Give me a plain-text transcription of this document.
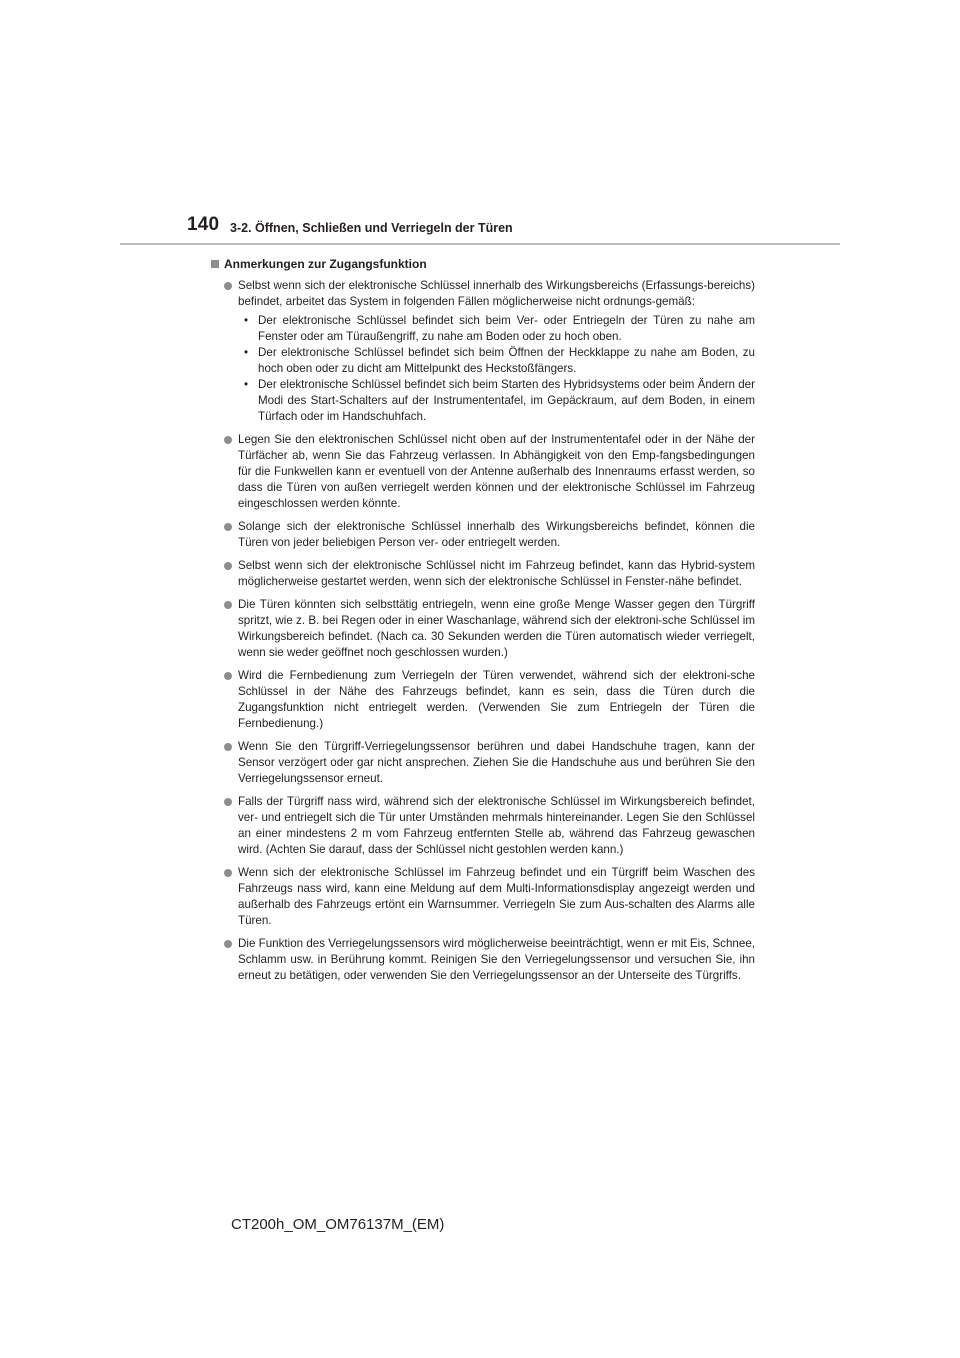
140 3-2. Öffnen, Schließen und Verriegeln der Türen
Anmerkungen zur Zugangsfunktion
Selbst wenn sich der elektronische Schlüssel innerhalb des Wirkungsbereichs (Erfassungs-bereichs) befindet, arbeitet das System in folgenden Fällen möglicherweise nicht ordnungs-gemäß:
• Der elektronische Schlüssel befindet sich beim Ver- oder Entriegeln der Türen zu nahe am Fenster oder am Türaußengriff, zu nahe am Boden oder zu hoch oben.
• Der elektronische Schlüssel befindet sich beim Öffnen der Heckklappe zu nahe am Boden, zu hoch oben oder zu dicht am Mittelpunkt des Heckstoßfängers.
• Der elektronische Schlüssel befindet sich beim Starten des Hybridsystems oder beim Ändern der Modi des Start-Schalters auf der Instrumententafel, im Gepäckraum, auf dem Boden, in einem Türfach oder im Handschuhfach.
Legen Sie den elektronischen Schlüssel nicht oben auf der Instrumententafel oder in der Nähe der Türfächer ab, wenn Sie das Fahrzeug verlassen. In Abhängigkeit von den Emp-fangsbedingungen für die Funkwellen kann er eventuell von der Antenne außerhalb des Innenraums erfasst werden, so dass die Türen von außen verriegelt werden können und der elektronische Schlüssel im Fahrzeug eingeschlossen werden könnte.
Solange sich der elektronische Schlüssel innerhalb des Wirkungsbereichs befindet, können die Türen von jeder beliebigen Person ver- oder entriegelt werden.
Selbst wenn sich der elektronische Schlüssel nicht im Fahrzeug befindet, kann das Hybrid-system möglicherweise gestartet werden, wenn sich der elektronische Schlüssel in Fenster-nähe befindet.
Die Türen könnten sich selbsttätig entriegeln, wenn eine große Menge Wasser gegen den Türgriff spritzt, wie z. B. bei Regen oder in einer Waschanlage, während sich der elektroni-sche Schlüssel im Wirkungsbereich befindet. (Nach ca. 30 Sekunden werden die Türen automatisch wieder verriegelt, wenn sie weder geöffnet noch geschlossen wurden.)
Wird die Fernbedienung zum Verriegeln der Türen verwendet, während sich der elektroni-sche Schlüssel in der Nähe des Fahrzeugs befindet, kann es sein, dass die Türen durch die Zugangsfunktion nicht entriegelt werden. (Verwenden Sie zum Entriegeln der Türen die Fernbedienung.)
Wenn Sie den Türgriff-Verriegelungssensor berühren und dabei Handschuhe tragen, kann der Sensor verzögert oder gar nicht ansprechen. Ziehen Sie die Handschuhe aus und berühren Sie den Verriegelungssensor erneut.
Falls der Türgriff nass wird, während sich der elektronische Schlüssel im Wirkungsbereich befindet, ver- und entriegelt sich die Tür unter Umständen mehrmals hintereinander. Legen Sie den Schlüssel an einer mindestens 2 m vom Fahrzeug entfernten Stelle ab, während das Fahrzeug gewaschen wird. (Achten Sie darauf, dass der Schlüssel nicht gestohlen werden kann.)
Wenn sich der elektronische Schlüssel im Fahrzeug befindet und ein Türgriff beim Waschen des Fahrzeugs nass wird, kann eine Meldung auf dem Multi-Informationsdisplay angezeigt werden und außerhalb des Fahrzeugs ertönt ein Warnsummer. Verriegeln Sie zum Aus-schalten des Alarms alle Türen.
Die Funktion des Verriegelungssensors wird möglicherweise beeinträchtigt, wenn er mit Eis, Schnee, Schlamm usw. in Berührung kommt. Reinigen Sie den Verriegelungssensor und versuchen Sie, ihn erneut zu betätigen, oder verwenden Sie den Verriegelungssensor an der Unterseite des Türgriffs.
CT200h_OM_OM76137M_(EM)
